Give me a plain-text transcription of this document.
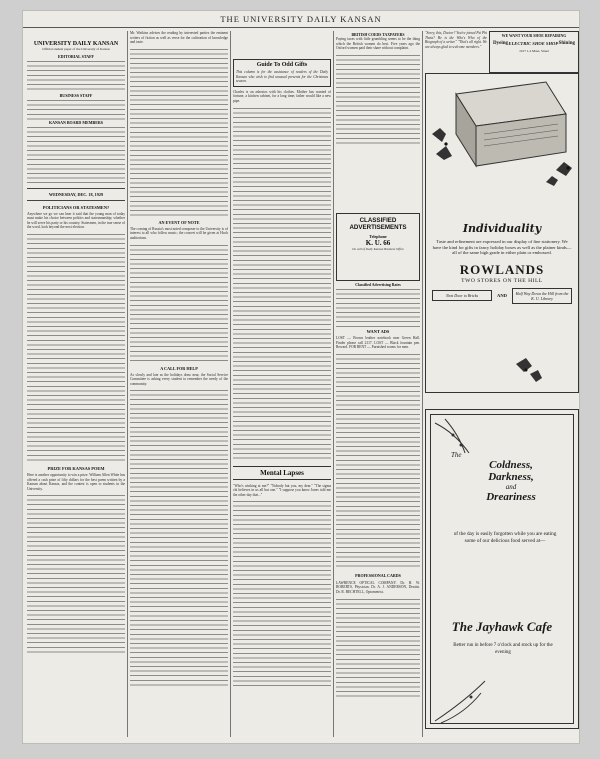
THE UNIVERSITY DAILY KANSAN
UNIVERSITY DAILY KANSAN
Official student paper of the University of Kansas
EDITORIAL STAFF
BUSINESS STAFF
KANSAN BOARD MEMBERS
WEDNESDAY, DEC. 18, 1929
POLITICIANS OR STATESMEN?
Anywhere we go we can hear it said that the young man of today must make his choice between politics and statesmanship; whether he will serve his party or his country. Statesmen, in the true sense of the word, look beyond the next election.
PRIZE FOR KANSAS POEM
Here is another opportunity to win a prize. William Allen White has offered a cash prize of fifty dollars for the best poem written by a Kansan about Kansas, and the contest is open to students in the University.
Mr. Watkins advises the reading by interested parties the eminent writers of fiction as well as verse for the cultivation of knowledge and taste.
AN EVENT OF NOTE
The coming of Russia's most noted composer to the University is of interest to all who follow music; the concert will be given at Hoch auditorium.
A CALL FOR HELP
As slowly and late as the holidays draw near, the Social Service Committee is asking every student to remember the needy of the community.
Guide To Odd Gifts
This column is for the assistance of readers of the Daily Kansan who wish to find unusual presents for the Christmas season.
Charles is an asbestos with his clothes. Mother has wanted of fortune, a kitchen cabinet, for a long time; father would like a new pipe.
Mental Lapses
"Who's winking at me?" "Nobody but you, my dear." "The sigma chi believes in us all but one." "I suppose you know Jones told me the other day that..."
BRITISH COEDS TAXPAYERS
Paying taxes with little grumbling seems to be the thing which the British women do best. Five years ago the Oxford women paid their share without complaint.
CLASSIFIED ADVERTISEMENTS
Telephone
K. U. 66
On call of Daily Kansan Business Office
Classified Advertising Rates
WANT ADS
LOST — Brown leather notebook near Green Hall. Finder please call 2117. LOST — Black fountain pen. Reward. FOR RENT — Furnished rooms for men.
PROFESSIONAL CARDS
LAWRENCE OPTICAL COMPANY. Dr. H. W. ROBERTS, Physician. Dr. A. J. ANDERSON, Dentist. Dr. R. BECHTELL, Optometrist.
"Sorry, this, Doctor? You've joined Psi Phi Theta? He is the Who's Who of the Biograph of a writer." "That's all right. We are always glad to welcome members."
WE WANT YOUR SHOE REPAIRING
Dyeing ELECTRIC SHOE SHOP Shining
1017 1-2 Mass. Street
Individuality
Taste and refinement are expressed in our display of fine stationery. We have the kind for gifts in fancy holiday boxes as well as the plainer kinds—all of the same high grade in either plain or embossed.
ROWLANDS
TWO STORES ON THE HILL
Next Door to Bricks	AND	Half Way Down the Hill from the K. U. Library
The
Coldness,
Darkness,
and
Dreariness
of the day is easily forgotten while you are eating some of our delicious food served at—
The Jayhawk Cafe
Better run in before 7 o'clock and stock up for the evening
